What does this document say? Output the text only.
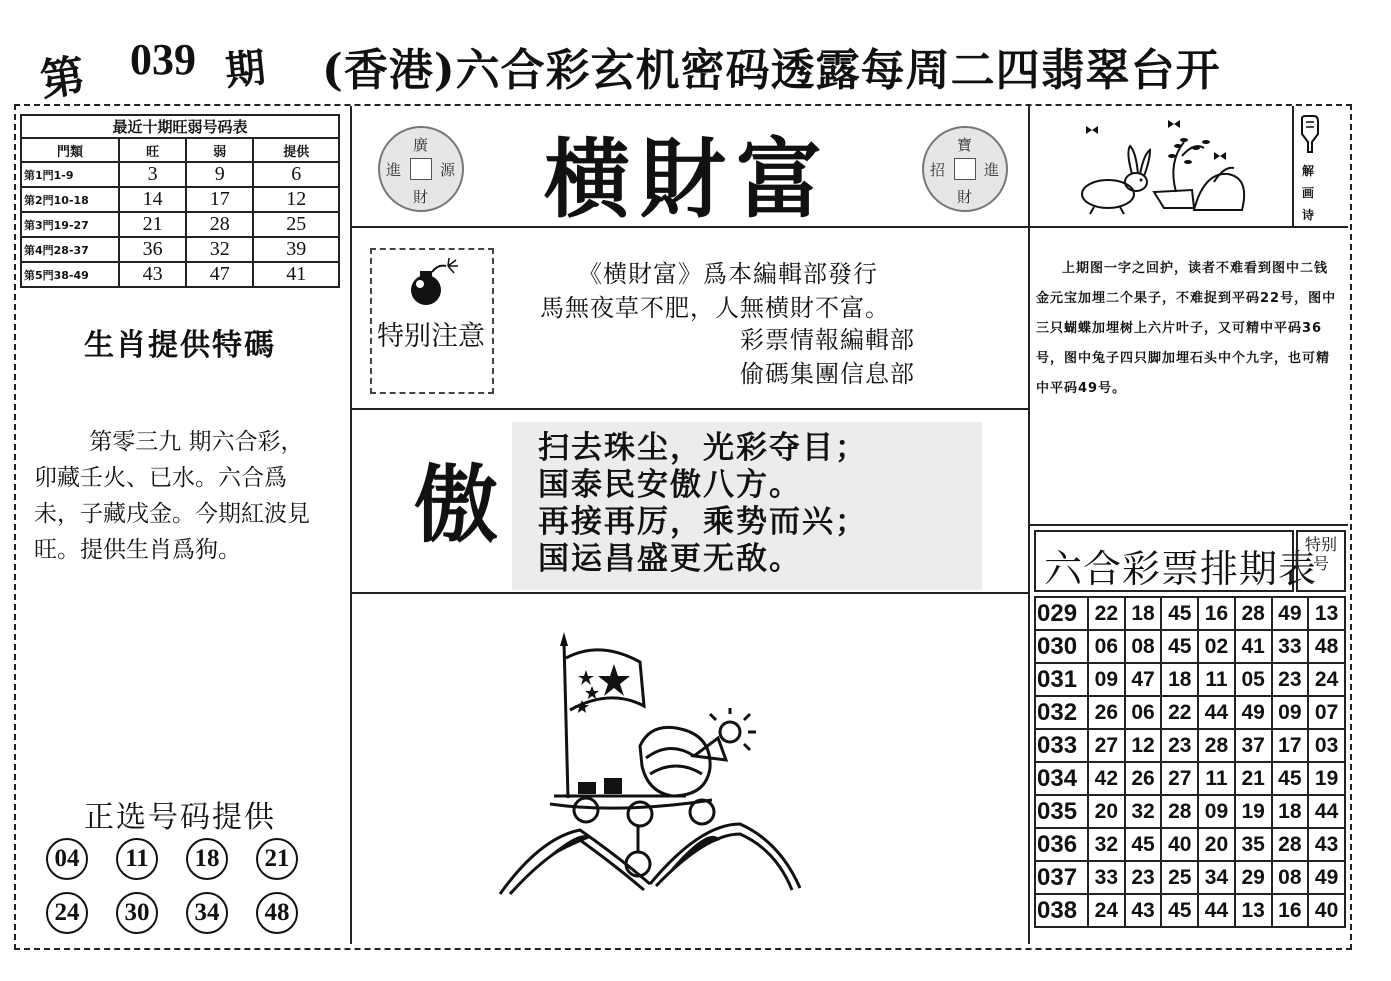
第 039 期 (香港)六合彩玄机密码透露每周二四翡翠台开
最近十期旺弱号码表			
門類	旺	弱	提供
第1門1-9	3	9	6
第2門10-18	14	17	12
第3門19-27	21	28	25
第4門28-37	36	32	39
第5門38-49	43	47	41
生肖提供特碼
第零三九 期六合彩，卯藏壬火、已水。六合爲未，子藏戌金。今期紅波見旺。提供生肖爲狗。
正选号码提供
04	11	18	21
24	30	34	48
廣
進	源
財
寶
招	進
財
横財富
特别注意
《横財富》爲本編輯部發行
馬無夜草不肥，人無横財不富。
彩票情報編輯部
偷碼集團信息部
傲
扫去珠尘，光彩夺目；
国泰民安傲八方。
再接再厉，乘势而兴；
国运昌盛更无敌。
解画诗
上期图一字之回护，读者不难看到图中二钱金元宝加埋二个果子，不难捉到平码22号，图中三只蝴蝶加埋树上六片叶子，又可精中平码36号，图中兔子四只脚加埋石头中个九字，也可精中平码49号。
六合彩票排期表
特别号
029	22	18	45	16	28	49	13
030	06	08	45	02	41	33	48
031	09	47	18	11	05	23	24
032	26	06	22	44	49	09	07
033	27	12	23	28	37	17	03
034	42	26	27	11	21	45	19
035	20	32	28	09	19	18	44
036	32	45	40	20	35	28	43
037	33	23	25	34	29	08	49
038	24	43	45	44	13	16	40
